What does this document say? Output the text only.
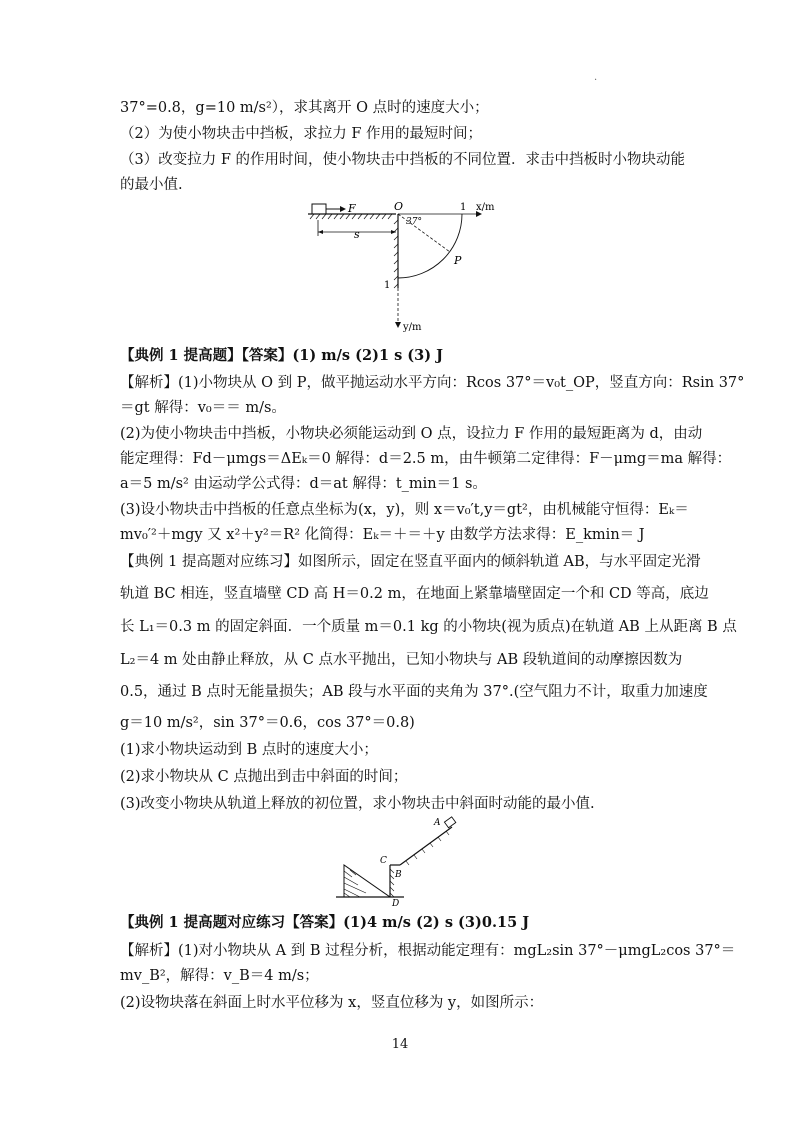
.
37°=0.8，g=10 m/s²），求其离开 O 点时的速度大小；
（2）为使小物块击中挡板，求拉力 F 作用的最短时间；
（3）改变拉力 F 的作用时间，使小物块击中挡板的不同位置．求击中挡板时小物块动能
的最小值.
F	O
s
1 x/m
1
y/m
37°
P
【典例 1 提高题】【答案】(1) m/s (2)1 s (3) J
【解析】(1)小物块从 O 到 P，做平抛运动水平方向：Rcos 37°＝v₀t_OP，竖直方向：Rsin 37°
＝gt 解得：v₀＝＝ m/s。
(2)为使小物块击中挡板，小物块必须能运动到 O 点，设拉力 F 作用的最短距离为 d，由动
能定理得：Fd－μmgs＝ΔEₖ＝0 解得：d＝2.5 m，由牛顿第二定律得：F－μmg＝ma 解得：
a＝5 m/s² 由运动学公式得：d＝at 解得：t_min＝1 s。
(3)设小物块击中挡板的任意点坐标为(x，y)，则 x＝v₀′t,y＝gt²，由机械能守恒得：Eₖ＝
mv₀′²＋mgy 又 x²＋y²＝R² 化简得：Eₖ＝＋＝＋y 由数学方法求得：E_kmin＝ J
【典例 1 提高题对应练习】如图所示，固定在竖直平面内的倾斜轨道 AB，与水平固定光滑
轨道 BC 相连，竖直墙壁 CD 高 H＝0.2 m，在地面上紧靠墙壁固定一个和 CD 等高，底边
长 L₁＝0.3 m 的固定斜面．一个质量 m＝0.1 kg 的小物块(视为质点)在轨道 AB 上从距离 B 点
L₂＝4 m 处由静止释放，从 C 点水平抛出，已知小物块与 AB 段轨道间的动摩擦因数为
0.5，通过 B 点时无能量损失；AB 段与水平面的夹角为 37°.(空气阻力不计，取重力加速度
g＝10 m/s²，sin 37°＝0.6，cos 37°＝0.8)
(1)求小物块运动到 B 点时的速度大小；
(2)求小物块从 C 点抛出到击中斜面的时间；
(3)改变小物块从轨道上释放的初位置，求小物块击中斜面时动能的最小值.
A
C
B
D
【典例 1 提高题对应练习【答案】(1)4 m/s (2) s (3)0.15 J
【解析】(1)对小物块从 A 到 B 过程分析，根据动能定理有：mgL₂sin 37°－μmgL₂cos 37°＝
mv_B²，解得：v_B＝4 m/s；
(2)设物块落在斜面上时水平位移为 x，竖直位移为 y，如图所示：
14
